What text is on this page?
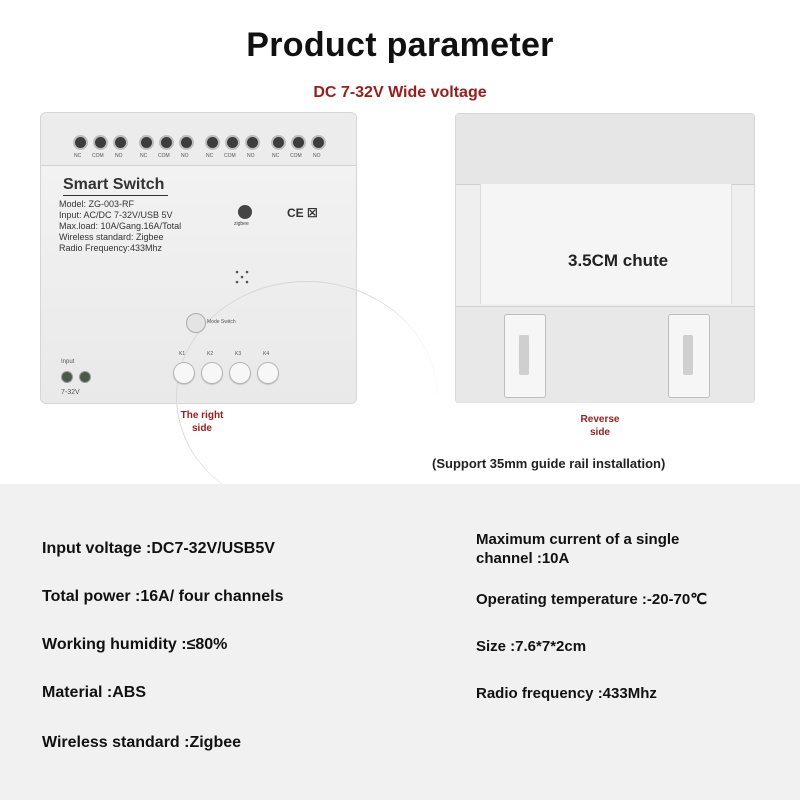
Product parameter
DC 7-32V Wide voltage
NC COM NO	NC COM NO	NC COM NO	NC COM NO
Smart Switch
Model: ZG-003-RF
Input: AC/DC 7-32V/USB 5V
Max.load: 10A/Gang.16A/Total
Wireless standard: Zigbee
Radio Frequency:433Mhz
zigbee
CE ☒
Mode Switch
K1	K2	K3	K4
Input
7-32V
The right
side
3.5CM chute
Reverse
side
(Support 35mm guide rail installation)
Input voltage :DC7-32V/USB5V
Total power :16A/ four channels
Working humidity :≤80%
Material :ABS
Wireless standard :Zigbee
Maximum current of a single channel :10A
Operating temperature :-20-70℃
Size :7.6*7*2cm
Radio frequency :433Mhz
